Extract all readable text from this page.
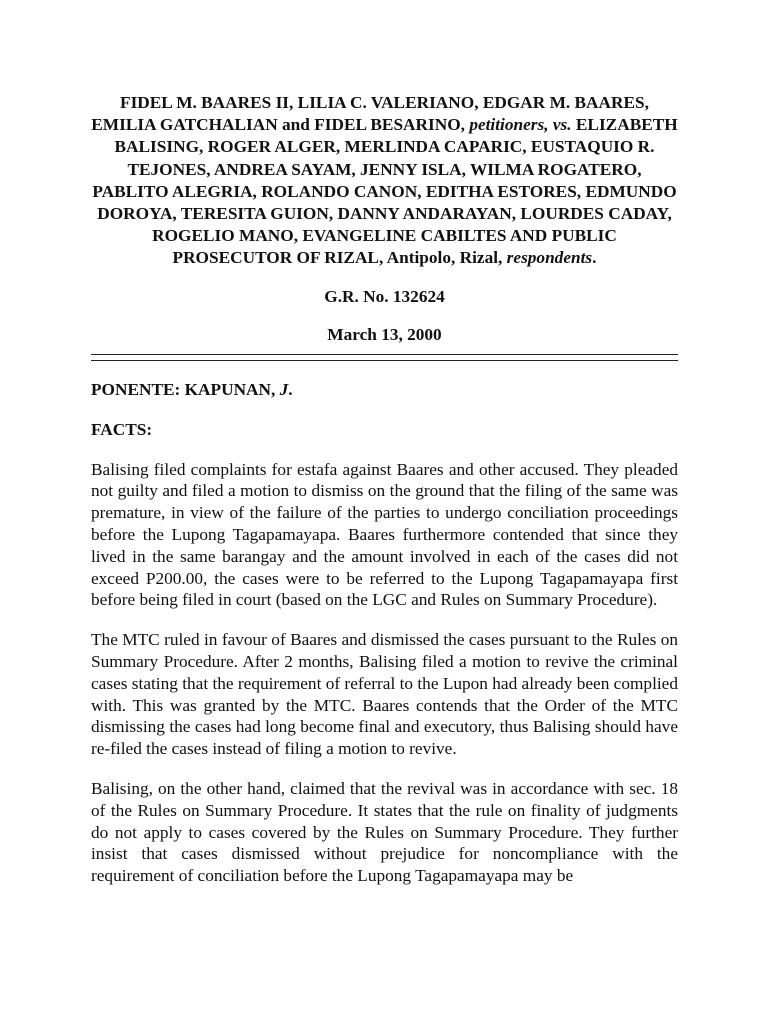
FIDEL M. BAARES II, LILIA C. VALERIANO, EDGAR M. BAARES, EMILIA GATCHALIAN and FIDEL BESARINO, petitioners, vs. ELIZABETH BALISING, ROGER ALGER, MERLINDA CAPARIC, EUSTAQUIO R. TEJONES, ANDREA SAYAM, JENNY ISLA, WILMA ROGATERO, PABLITO ALEGRIA, ROLANDO CANON, EDITHA ESTORES, EDMUNDO DOROYA, TERESITA GUION, DANNY ANDARAYAN, LOURDES CADAY, ROGELIO MANO, EVANGELINE CABILTES AND PUBLIC PROSECUTOR OF RIZAL, Antipolo, Rizal, respondents.

G.R. No. 132624

March 13, 2000

PONENTE: KAPUNAN, J.

FACTS:

Balising filed complaints for estafa against Baares and other accused. They pleaded not guilty and filed a motion to dismiss on the ground that the filing of the same was premature, in view of the failure of the parties to undergo conciliation proceedings before the Lupong Tagapamayapa. Baares furthermore contended that since they lived in the same barangay and the amount involved in each of the cases did not exceed P200.00, the cases were to be referred to the Lupong Tagapamayapa first before being filed in court (based on the LGC and Rules on Summary Procedure).

The MTC ruled in favour of Baares and dismissed the cases pursuant to the Rules on Summary Procedure. After 2 months, Balising filed a motion to revive the criminal cases stating that the requirement of referral to the Lupon had already been complied with. This was granted by the MTC. Baares contends that the Order of the MTC dismissing the cases had long become final and executory, thus Balising should have re-filed the cases instead of filing a motion to revive.

Balising, on the other hand, claimed that the revival was in accordance with sec. 18 of the Rules on Summary Procedure. It states that the rule on finality of judgments do not apply to cases covered by the Rules on Summary Procedure. They further insist that cases dismissed without prejudice for noncompliance with the requirement of conciliation before the Lupong Tagapamayapa may be
